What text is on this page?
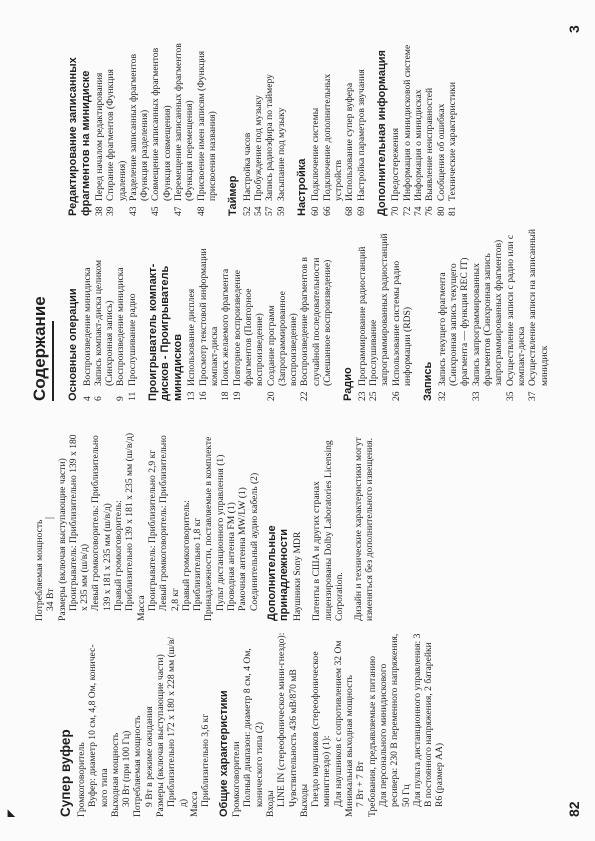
82
◤
|
Супер вуфер Громкоговоритель Вуфер: диаметр 10 см, 4,8 Ом, коничес-кого типа Выходная мощность 30 Вт (при 100 Гц) Потребляемая мощность 9 Вт в режиме ожидания Размеры (включая выступающие части) Приблизительно 172 x 180 x 228 мм (ш/в/д) Масса Приблизительно 3,6 кг Общие характеристики Громкоговорители Полный диапазон: диаметр 8 см, 4 Ом, конического типа (2) Входы LINE IN (стереофоническое мини-гнездо): Чувствительность 436 мВ/870 мВ Выходы Гнездо наушников (стереофоническое миниггнездо) (1): Для наушников с сопротивлением 32 Ом Минимальная выходная мощность 7 Вт + 7 Вт Требования, предъявляемые к питанию Для персонального минидискового ресивера: 230 В переменного напряжения, 50 Гц Для пульта дистанционного управления: 3 В постоянного напряжения, 2 батарейки R6 (размер AA)

Потребляемая мощность 34 Вт Размеры (включая выступающие части) Проигрыватель: Приблизительно 139 x 180 x 235 мм (ш/в/д) Левый громкоговоритель: Приблизительно 139 x 181 x 235 мм (ш/в/д) Правый громкоговоритель: Приблизительно 139 x 181 x 235 мм (ш/в/д) Масса Проигрыватель: Приблизительно 2,9 кг Левый громкоговоритель: Приблизительно 2,8 кг Правый громкоговоритель: Приблизительно 1,8 кг Принадлежности, поставляемые в комплекте Пульт дистанционного управления (1) Проводная антенна FM (1) Рамочная антенна MW/LW (1) Соединительный аудио кабель (2) Дополнительные принадлежности Наушники Sony MDR Патенты в США и других странах лицензированы Dolby Laboratories Licensing Corporation. Дизайн и технические характеристики могут изменяться без дополнительного извещения.

Содержание
3
Основные операции 4
Воспроизведение минидиска
6
Запись компакт-диска целиком (Синхронная запись)
9
Воспроизведение минидиска
11
Прослушивание радио Проигрыватель компакт-дисков - Проигрыватель минидисков 13
Использование дисплея
16
Просмотр текстовой информации компакт-диска
18
Поиск желаемого фрагмента
19
Повторное воспроизведение фрагментов (Повторное воспроизведение)
20
Создание программ (Запрограммированное воспроизведение)
22
Воспроизведение фрагментов в случайной последовательности (Смешанное воспроизведение) Радио 23
Программирование радиостанций
25
Прослушивание запрограммированных радиостанций
26
Использование системы радио информации (RDS) Запись 32
Запись текущего фрагмента (Синхронная запись текущего фрагмента — функция REC IT)
33
Запись запрограммированных фрагментов (Синхронная запись запрограммированных фрагментов)
35
Осуществление записи с радио или с компакт-диска
37
Осуществление записи на записанный минидиск
Редактирование записанных фрагментов на минидиске 38
Перед началом редактирования
39
Стирание фрагментов (Функция удаления)
43
Разделение записанных фрагментов (Функция разделения)
45
Совмещение записанных фрагментов (Функция совмещения)
47
Перемещение записанных фрагментов (Функция перемещения)
48
Присвоение имен записям (Функция присвоения названия) Таймер 52
Настройка часов
54
Пробуждение под музыку
57
Запись радиоэфира по таймеру
59
Засыпание под музыку Настройка 60
Подключение системы
66
Подключение дополнительных устройств
68
Использование супер вуфера
69
Настройка параметров звучания Дополнительная информация 70
Предостережения
72
Информация о минидисковой системе
74
Информация о минидисках
76
Выявление неисправностей
80
Сообщения об ошибках
81
Технические характеристики
